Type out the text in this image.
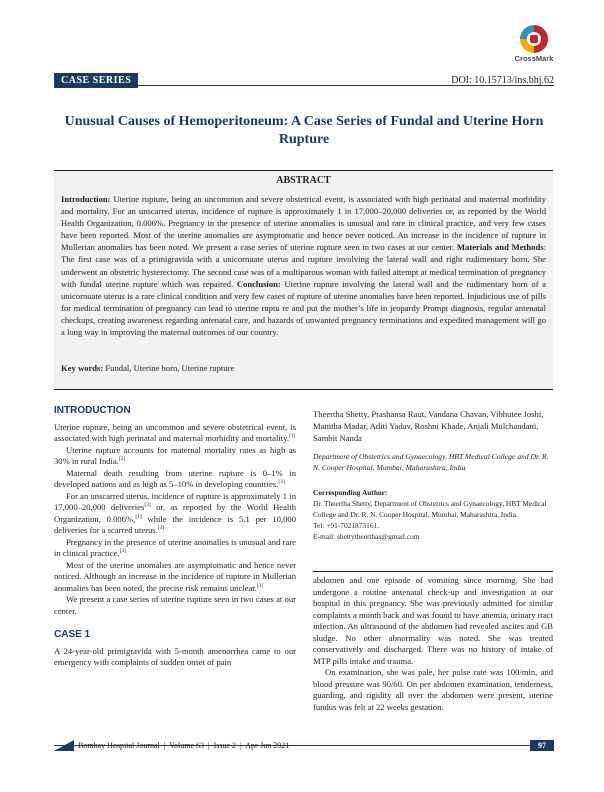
CrossMark
CASE SERIES	DOI: 10.15713/ins.bhj.62
Unusual Causes of Hemoperitoneum: A Case Series of Fundal and Uterine Horn Rupture
ABSTRACT
Introduction: Uterine rupture, being an uncommon and severe obstetrical event, is associated with high perinatal and maternal morbidity and mortality. For an unscarred uterus, incidence of rupture is approximately 1 in 17,000–20,000 deliveries or, as reported by the World Health Organization, 0.006%. Pregnancy in the presence of uterine anomalies is unusual and rare in clinical practice, and very few cases have been reported. Most of the uterine anomalies are asymptomatic and hence never noticed. An increase in the incidence of rupture in Mullerian anomalies has been noted. We present a case series of uterine rupture seen in two cases at our center. Materials and Methods: The first case was of a primigravida with a unicornuate uterus and rupture involving the lateral wall and right rudimentary horn. She underwent an obstetric hysterectomy. The second case was of a multiparous woman with failed attempt at medical termination of pregnancy with fundal uterine rupture which was repaired. Conclusion: Uterine rupture involving the lateral wall and the rudimentary horn of a unicornuate uterus is a rare clinical condition and very few cases of rupture of uterine anomalies have been reported. Injudicious use of pills for medical termination of pregnancy can lead to uterine ruptu re and put the mother’s life in jeopardy Prompt diagnosis, regular antenatal checkups, creating awareness regarding antenatal care, and hazards of unwanted pregnancy terminations and expedited management will go a long way in improving the maternal outcomes of our country.
Key words: Fundal, Uterine horn, Uterine rupture
INTRODUCTION

Uterine rupture, being an uncommon and severe obstetrical event, is associated with high perinatal and maternal morbidity and mortality.[1]

Uterine rupture accounts for maternal mortality rates as high as 30% in rural India.[2]

Maternal death resulting from uterine rupture is 0–1% in developed nations and as high as 5–10% in developing countries.[3]

For an unscarred uterus, incidence of rupture is approximately 1 in 17,000–20,000 deliveries[3] or, as reported by the World Health Organization, 0.006%,[1] while the incidence is 5.1 per 10,000 deliveries for a scarred uterus.[3]

Pregnancy in the presence of uterine anomalies is unusual and rare in clinical practice.[3]

Most of the uterine anomalies are asymptomatic and hence never noticed. Although an increase in the incidence of rupture in Mullerian anomalies has been noted, the precise risk remains unclear.[3]

We present a case series of uterine rupture seen in two cases at our center.

CASE 1

A 24-year-old primigravida with 5-month amenorrhea came to our emergency with complaints of sudden onset of pain

Theertha Shetty, Prashansa Raut, Vandana Chavan, Vibhutee Joshi, Manitha Madar, Aditi Yadav, Roshni Khade, Anjali Mulchandani, Sambit Nanda
Department of Obstetrics and Gynaecology, HBT Medical College and Dr. R. N. Cooper Hospital, Mumbai, Maharashtra, India
Corresponding Author:
Dr. Theertha Shetty, Department of Obstetrics and Gynaecology, HBT Medical College and Dr. R. N. Cooper Hospital, Mumbai, Maharashtra, India.
Tel: +91-7021873161.
E-mail: shettytheerthas@gmail.com

abdomen and one episode of vomiting since morning. She had undergone a routine antenatal check-up and investigation at our hospital in this pregnancy. She was previously admitted for similar complaints a month back and was found to have anemia, urinary tract infection. An ultrasound of the abdomen had revealed ascites and GB sludge. No other abnormality was noted. She was treated conservatively and discharged. There was no history of intake of MTP pills intake and trauma.

On examination, she was pale, her pulse rate was 100/min, and blood pressure was 90/60. On per abdomen examination, tenderness, guarding, and rigidity all over the abdomen were present, uterine fundus was felt at 22 weeks gestation.

Bombay Hospital Journal | Volume 63 | Issue 2 | Apr-Jun 2021	97
